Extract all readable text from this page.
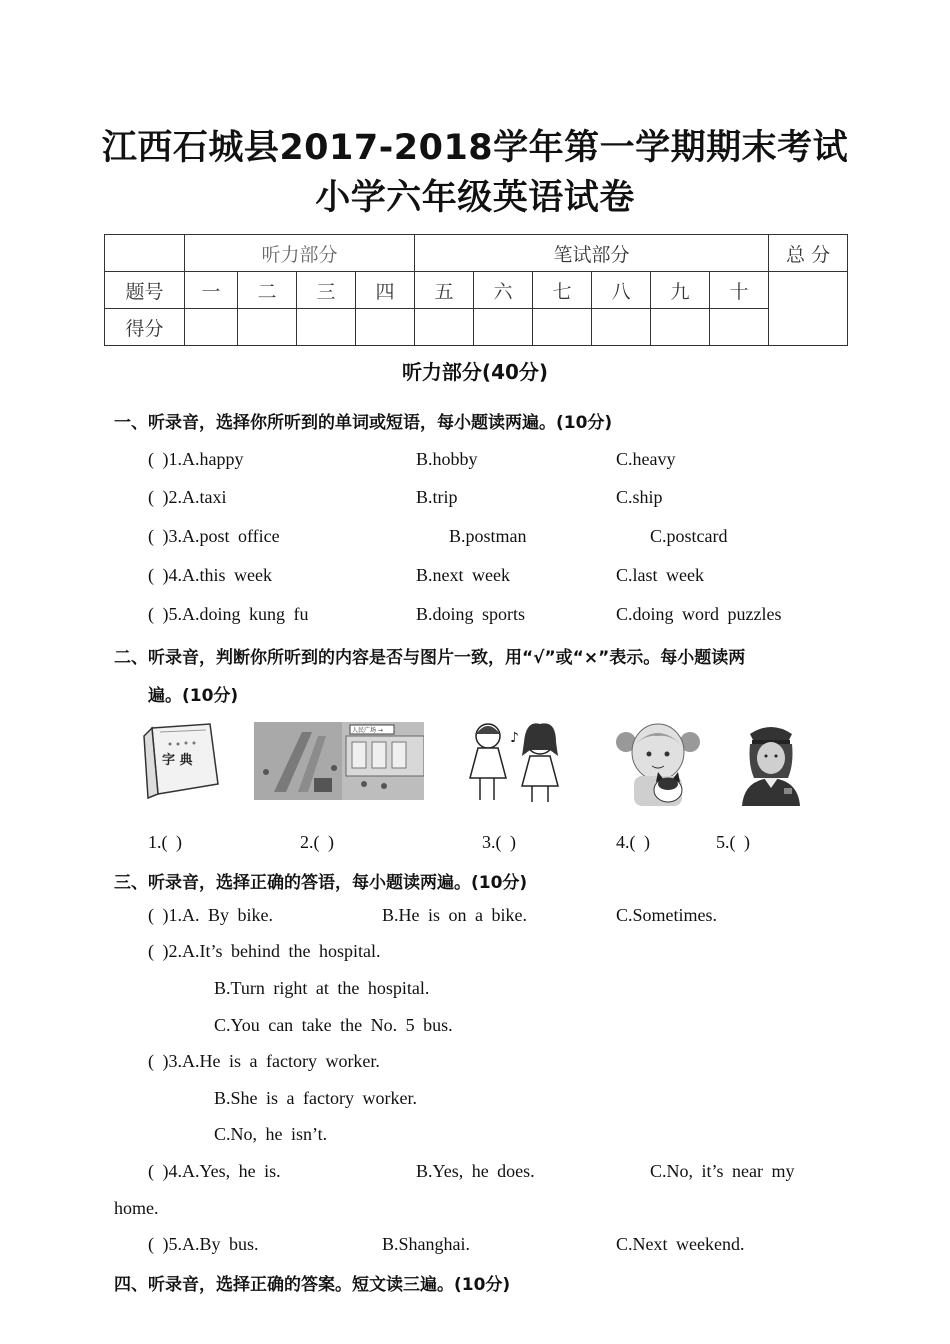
江西石城县2017-2018学年第一学期期末考试
小学六年级英语试卷
	听力部分				笔试部分						总 分
题号	一	二	三	四	五	六	七	八	九	十	
得分											
听力部分(40分)
一、听录音，选择你所听到的单词或短语，每小题读两遍。(10分)
( )1.A.happy	B.hobby	C.heavy
( )2.A.taxi	B.trip	C.ship
( )3.A.post office	B.postman	C.postcard
( )4.A.this week	B.next week	C.last week
( )5.A.doing kung fu	B.doing sports	C.doing word puzzles
二、听录音，判断你所听到的内容是否与图片一致，用“√”或“×”表示。每小题读两
遍。(10分)
字 典
人民广场 →	♪
1.( )	2.( )	3.( )	4.( )	5.( )
三、听录音，选择正确的答语，每小题读两遍。(10分)
( )1.A. By bike.	B.He is on a bike.	C.Sometimes.
( )2.A.It’s behind the hospital.
B.Turn right at the hospital.
C.You can take the No. 5 bus.
( )3.A.He is a factory worker.
B.She is a factory worker.
C.No, he isn’t.
( )4.A.Yes, he is.	B.Yes, he does.	C.No, it’s near my
home.
( )5.A.By bus.	B.Shanghai.	C.Next weekend.
四、听录音，选择正确的答案。短文读三遍。(10分)
